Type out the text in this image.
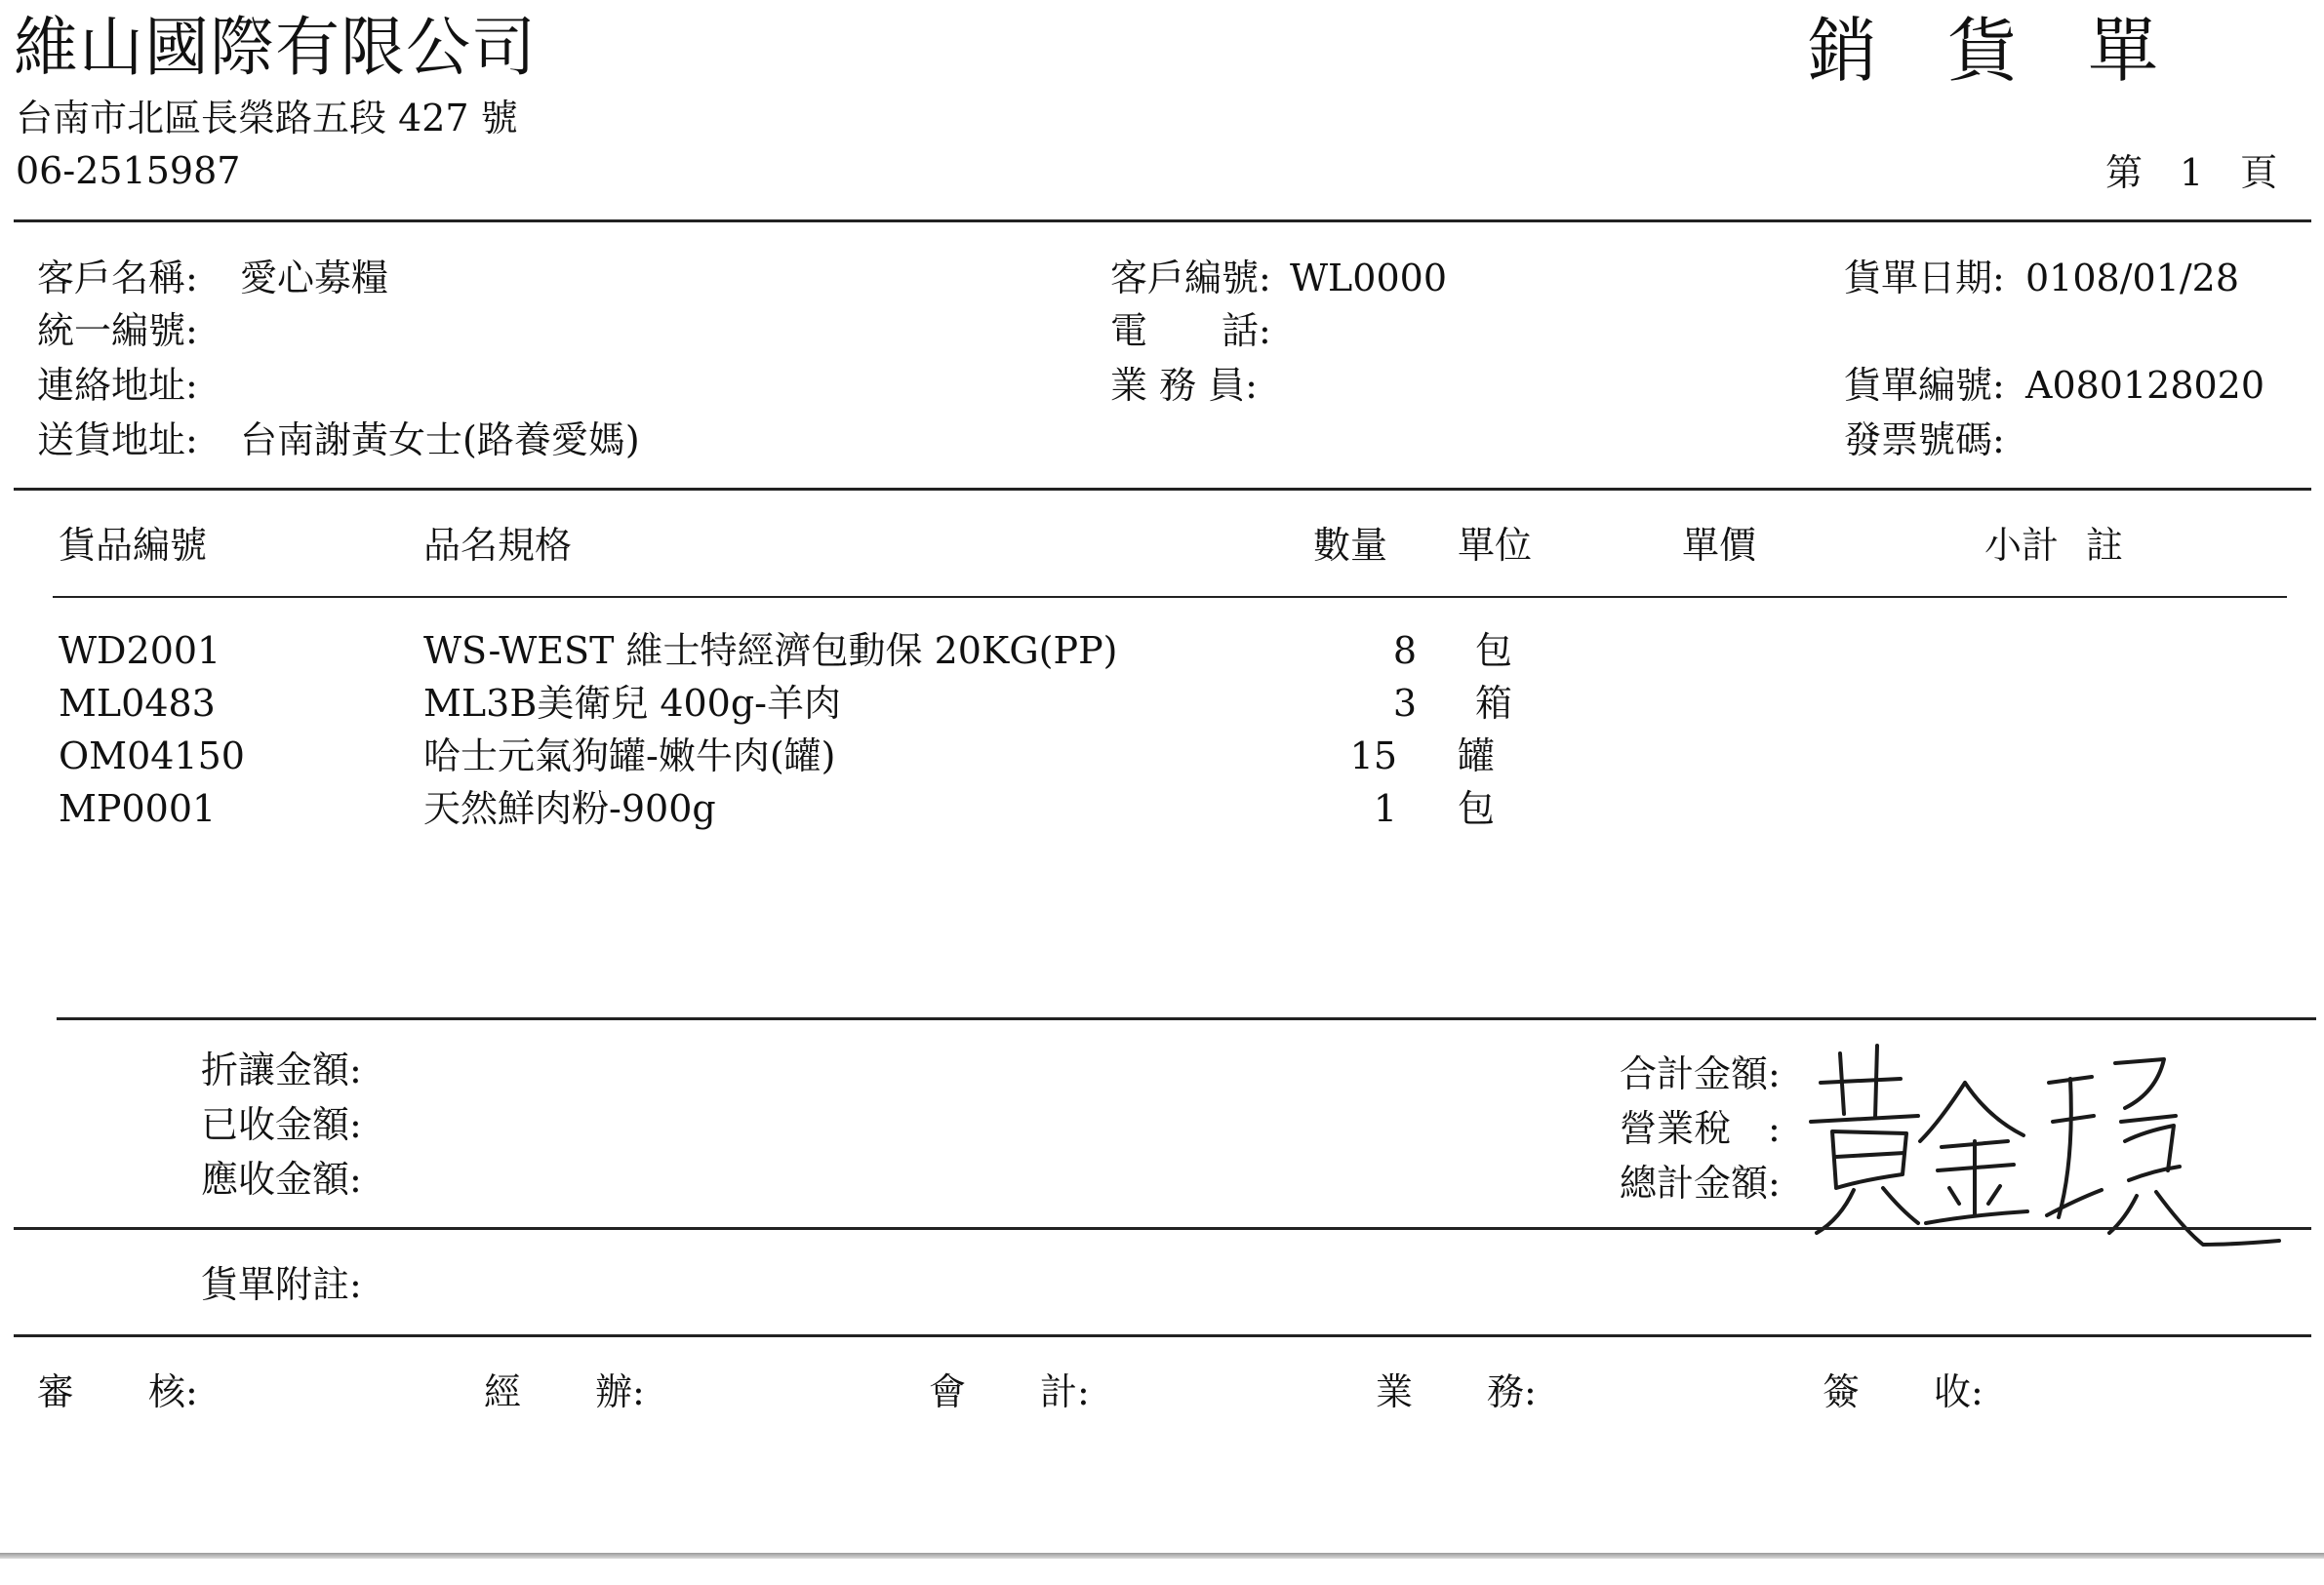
維山國際有限公司
台南市北區長榮路五段 427 號
06-2515987
銷　貨　單
第　1　頁
客戶名稱: 愛心募糧
統一編號:
連絡地址:
送貨地址: 台南謝黃女士(路養愛媽)
客戶編號: WL0000
電　　話:
業 務 員:
貨單日期: 0108/01/28
貨單編號: A080128020
發票號碼:
貨品編號	品名規格	數量 單位	單價	小計 註
WD2001	WS-WEST 維士特經濟包動保 20KG(PP)	8 包
ML0483	ML3B美衛兒 400g-羊肉	3 箱
OM04150	哈士元氣狗罐-嫩牛肉(罐)	15 罐
MP0001	天然鮮肉粉-900g	1 包
折讓金額:
已收金額:
應收金額:
合計金額:
營業稅　:
總計金額:
貨單附註:
審　　核:	經　　辦:	會　　計:	業　　務:	簽　　收:
